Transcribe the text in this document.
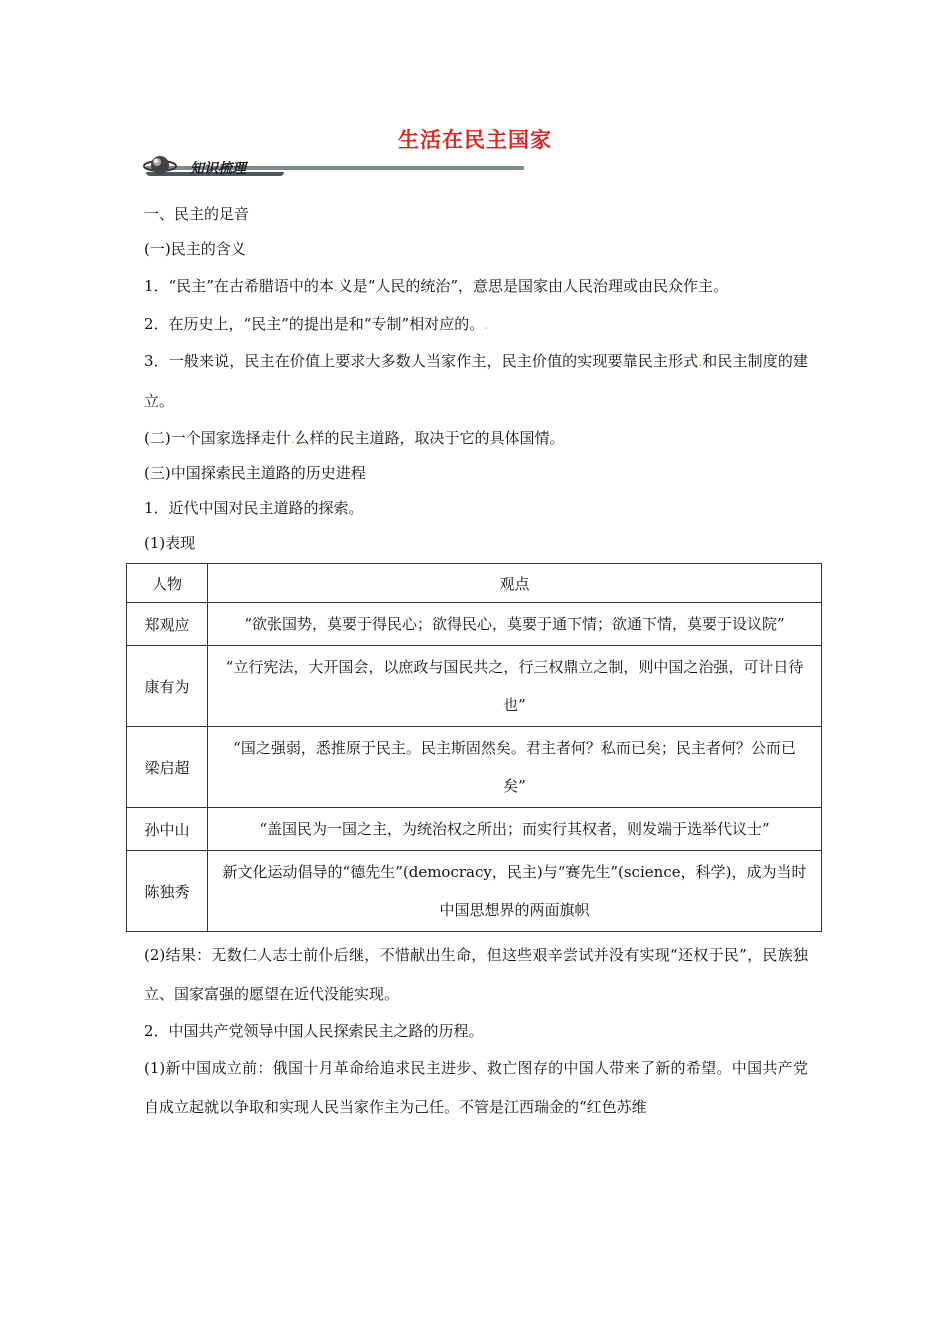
生活在民主国家
知识梳理
一、民主的足音
(一)民主的含义
1．“民主”在古希腊语中的本.义是“人民的统治”，意思是国家由人民治理或由民众作主。
2．在历史上，“民主”的提出是和“专制”相对应的。.
3．一般来说，民主在价值上要求大多数人当家作主，民主价值的实现要靠民主形式.和民主制度的建立。
(二)一个国家选择走什.么样的民主道路，取决于它的具体国情。
(三)中国探索民主道路的历史进程
1．近代中国对民主道路的探索。
(1)表现
人物	观点
郑观应	“欲张国势，莫要于得民心；欲得民心，莫要于通下情；欲通下情，莫要于设议院”
康有为	“立行宪法，大开国会，以庶政与国民共之，行三权鼎立之制，则中国之治强，可计日待也”
梁启超	“国之强弱，悉推原于民主。民主斯固然矣。君主者何？私而已矣；民主者何？公而已矣”
孙中山	“盖国民为一国之主，为统治权之所出；而实行其权者，则发端于选举代议士”
陈独秀	新文化运动倡导的“德先生”(democracy，民主)与“赛先生”(science，科学)，成为当时中国思想界的两面旗帜
(2)结果：无数仁人志士前仆后继，不惜献出生命，但这些艰辛尝试并没有实现“还权于民”，民族独立、国家富强的愿望在近代没能实现。
2．中国共产党领导中国人民探索民主之路的历程。
(1)新中国成立前：俄国十月革命给追求民主进步、救亡图存的中国人带来了新的希望。中国共产党自成立起就以争取和实现人民当家作主为己任。不管是江西瑞金的“红色苏维
